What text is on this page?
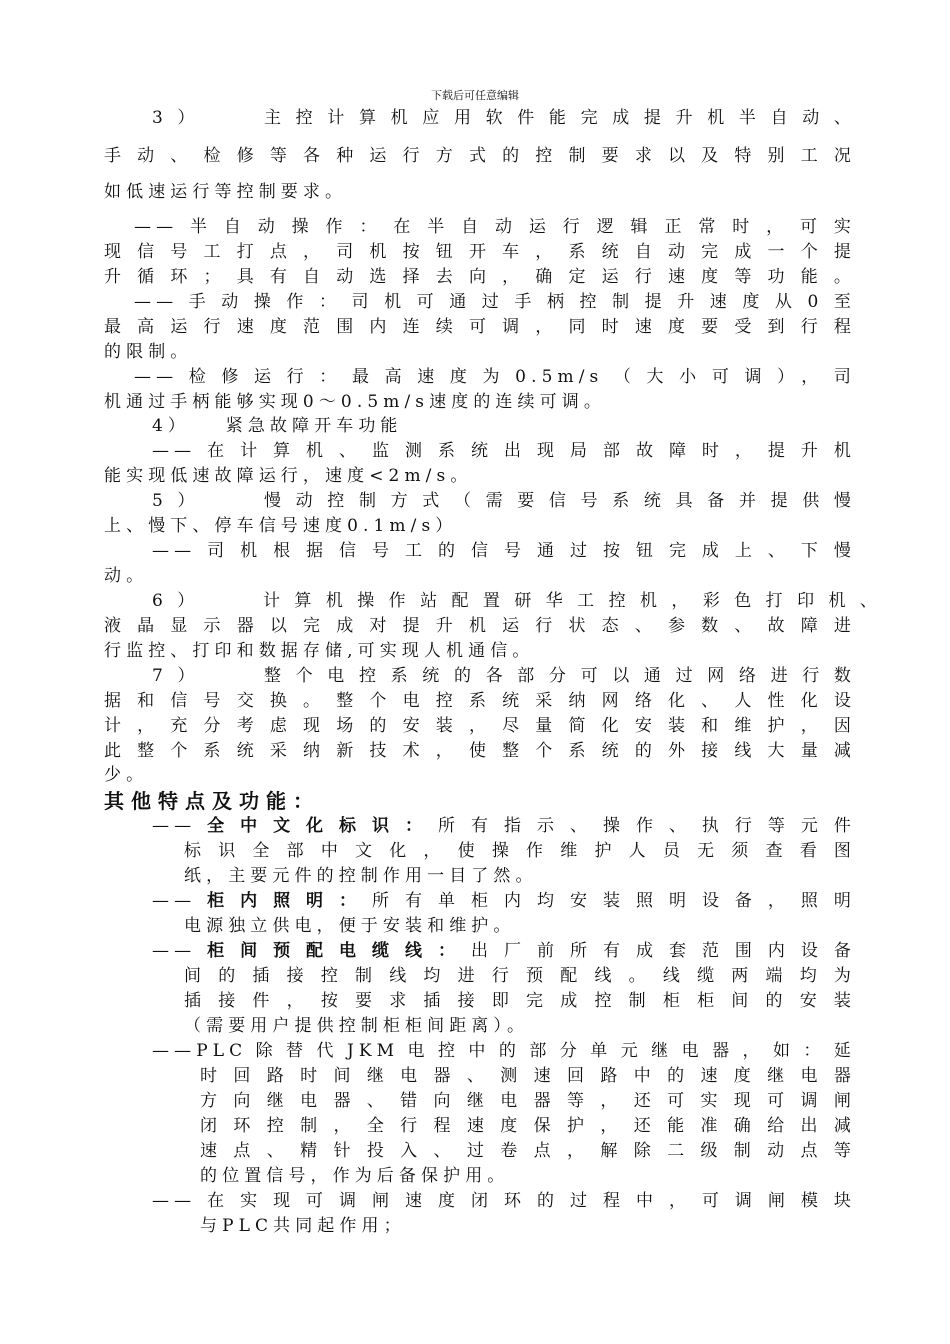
下载后可任意编辑
3）　　主控计算机应用软件能完成提升机半自动、
手动、检修等各种运行方式的控制要求以及特别工况
如低速运行等控制要求。
——半自动操作：在半自动运行逻辑正常时，可实
现信号工打点，司机按钮开车，系统自动完成一个提
升循环；具有自动选择去向，确定运行速度等功能。
——手动操作：司机可通过手柄控制提升速度从0至
最高运行速度范围内连续可调，同时速度要受到行程
的限制。
——检修运行：最高速度为0.5m/s（大小可调），司
机通过手柄能够实现0～0.5m/s速度的连续可调。
4）　　紧急故障开车功能
——在计算机、监测系统出现局部故障时，提升机
能实现低速故障运行，速度<2m/s。
5）　　慢动控制方式（需要信号系统具备并提供慢
上、慢下、停车信号速度0.1m/s）
——司机根据信号工的信号通过按钮完成上、下慢
动。
6）　　计算机操作站配置研华工控机，彩色打印机、
液晶显示器以完成对提升机运行状态、参数、故障进
行监控、打印和数据存储,可实现人机通信。
7）　　整个电控系统的各部分可以通过网络进行数
据和信号交换。整个电控系统采纳网络化、人性化设
计，充分考虑现场的安装，尽量简化安装和维护，因
此整个系统采纳新技术，使整个系统的外接线大量减
少。
其他特点及功能：
——全中文化标识：所有指示、操作、执行等元件
标识全部中文化，使操作维护人员无须查看图
纸，主要元件的控制作用一目了然。
——柜内照明：所有单柜内均安装照明设备，照明
电源独立供电，便于安装和维护。
——柜间预配电缆线：出厂前所有成套范围内设备
间的插接控制线均进行预配线。线缆两端均为
插接件，按要求插接即完成控制柜柜间的安装
（需要用户提供控制柜柜间距离）。
——PLC除替代JKM电控中的部分单元继电器，如：延
时回路时间继电器、测速回路中的速度继电器
方向继电器、错向继电器等，还可实现可调闸
闭环控制，全行程速度保护，还能准确给出减
速点、精针投入、过卷点，解除二级制动点等
的位置信号，作为后备保护用。
——在实现可调闸速度闭环的过程中，可调闸模块
与PLC共同起作用；
